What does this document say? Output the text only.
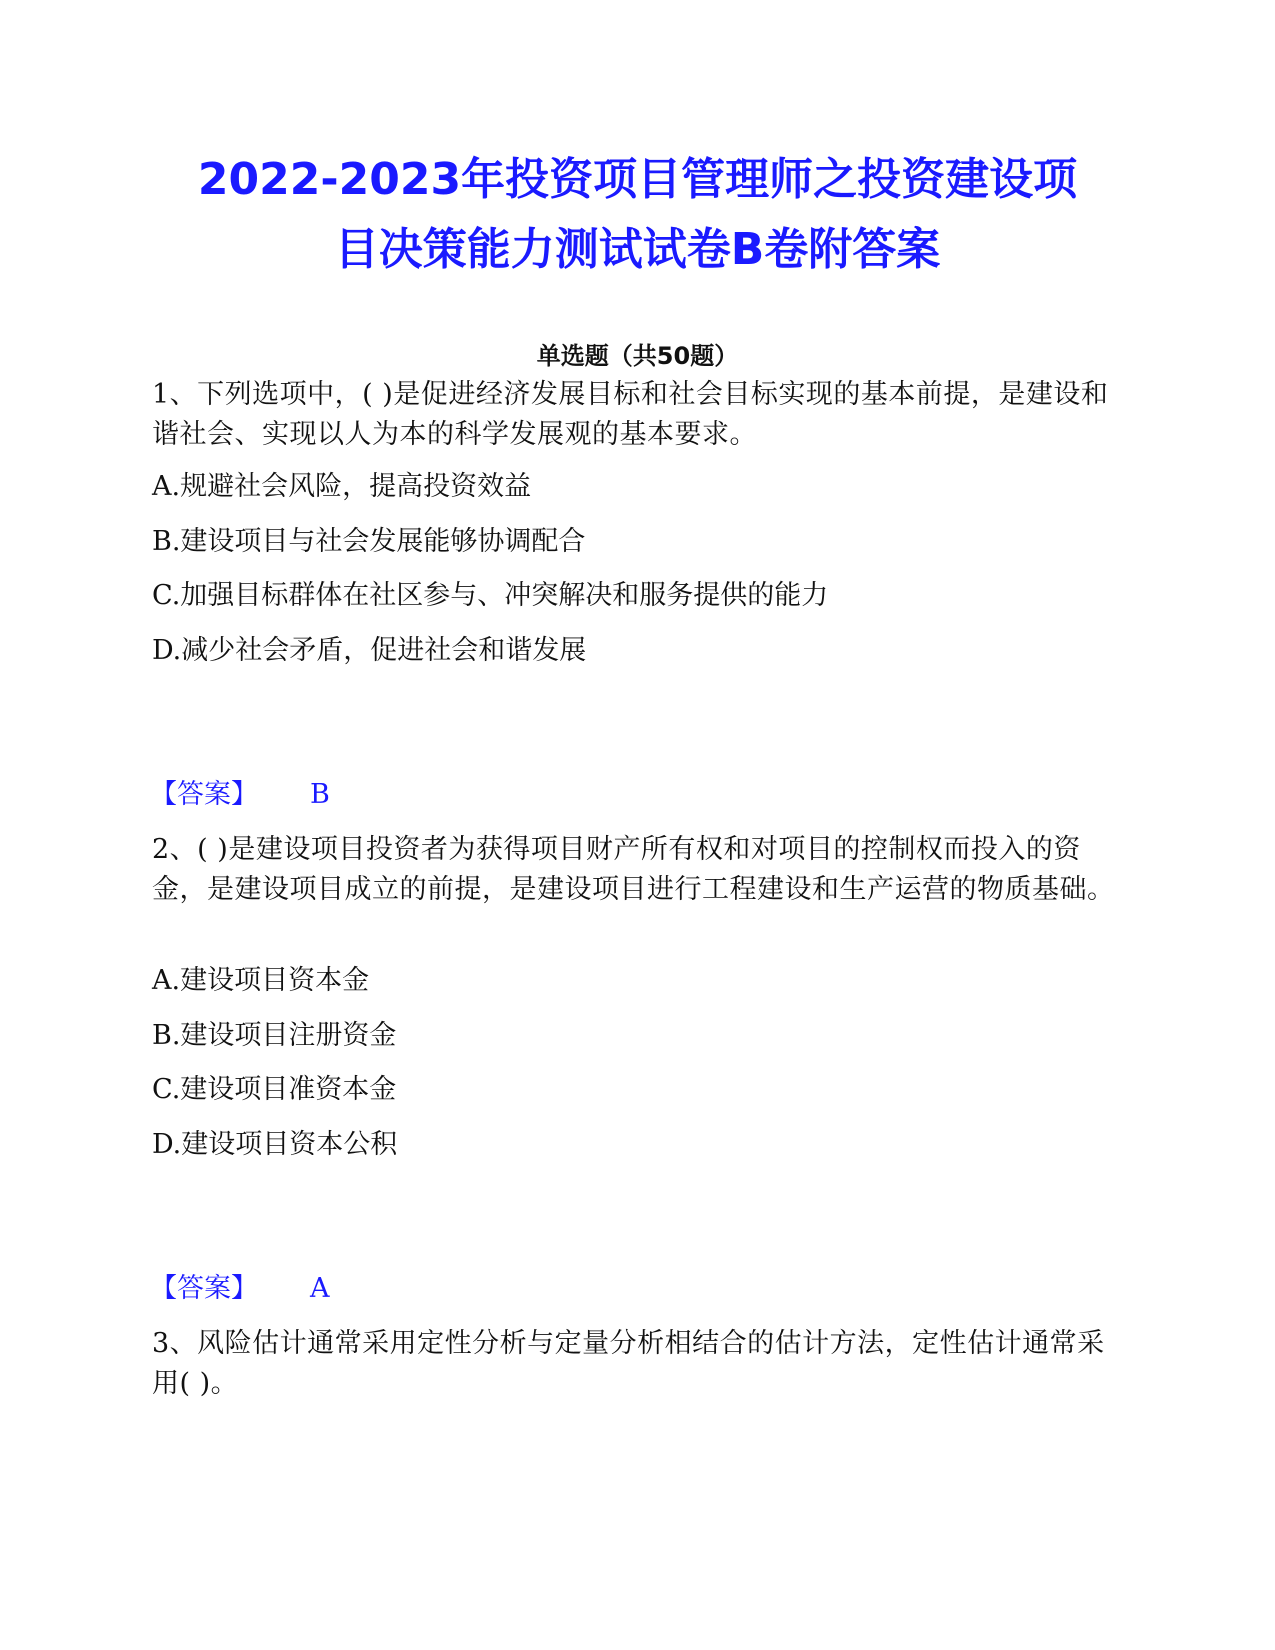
2022-2023年投资项目管理师之投资建设项
目决策能力测试试卷B卷附答案
单选题（共50题）
1、下列选项中，( )是促进经济发展目标和社会目标实现的基本前提，是建设和谐社会、实现以人为本的科学发展观的基本要求。
A.规避社会风险，提高投资效益
B.建设项目与社会发展能够协调配合
C.加强目标群体在社区参与、冲突解决和服务提供的能力
D.减少社会矛盾，促进社会和谐发展
【答案】 B
2、( )是建设项目投资者为获得项目财产所有权和对项目的控制权而投入的资金，是建设项目成立的前提，是建设项目进行工程建设和生产运营的物质基础。
A.建设项目资本金
B.建设项目注册资金
C.建设项目准资本金
D.建设项目资本公积
【答案】 A
3、风险估计通常采用定性分析与定量分析相结合的估计方法，定性估计通常采用( )。
